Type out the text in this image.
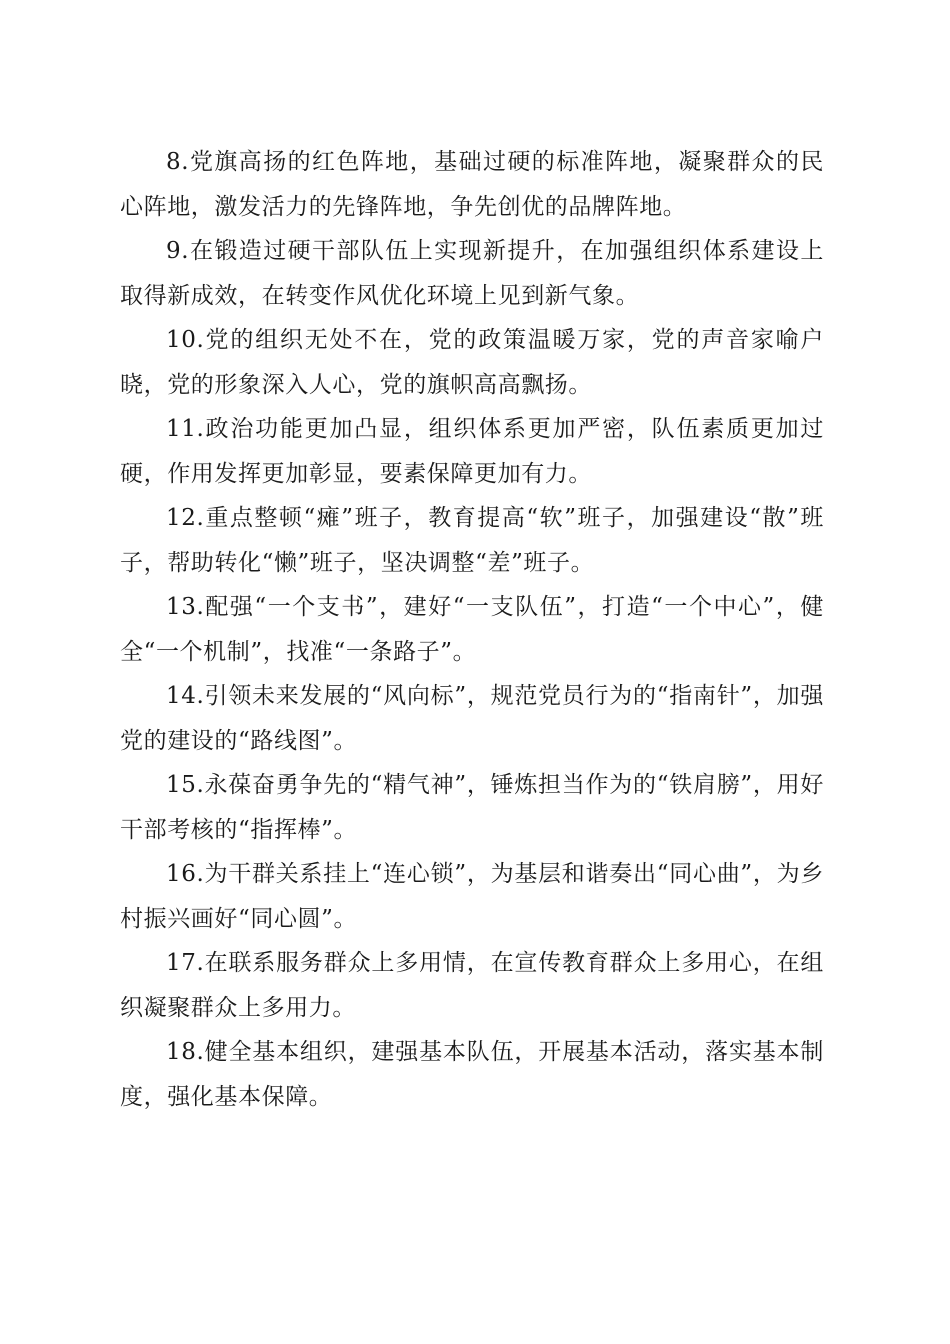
8.党旗高扬的红色阵地，基础过硬的标准阵地，凝聚群众的民心阵地，激发活力的先锋阵地，争先创优的品牌阵地。

9.在锻造过硬干部队伍上实现新提升，在加强组织体系建设上取得新成效，在转变作风优化环境上见到新气象。

10.党的组织无处不在，党的政策温暖万家，党的声音家喻户晓，党的形象深入人心，党的旗帜高高飘扬。

11.政治功能更加凸显，组织体系更加严密，队伍素质更加过硬，作用发挥更加彰显，要素保障更加有力。

12.重点整顿“瘫”班子，教育提高“软”班子，加强建设“散”班子，帮助转化“懒”班子，坚决调整“差”班子。

13.配强“一个支书”，建好“一支队伍”，打造“一个中心”，健全“一个机制”，找准“一条路子”。

14.引领未来发展的“风向标”，规范党员行为的“指南针”，加强党的建设的“路线图”。

15.永葆奋勇争先的“精气神”，锤炼担当作为的“铁肩膀”，用好干部考核的“指挥棒”。

16.为干群关系挂上“连心锁”，为基层和谐奏出“同心曲”，为乡村振兴画好“同心圆”。

17.在联系服务群众上多用情，在宣传教育群众上多用心，在组织凝聚群众上多用力。

18.健全基本组织，建强基本队伍，开展基本活动，落实基本制度，强化基本保障。
